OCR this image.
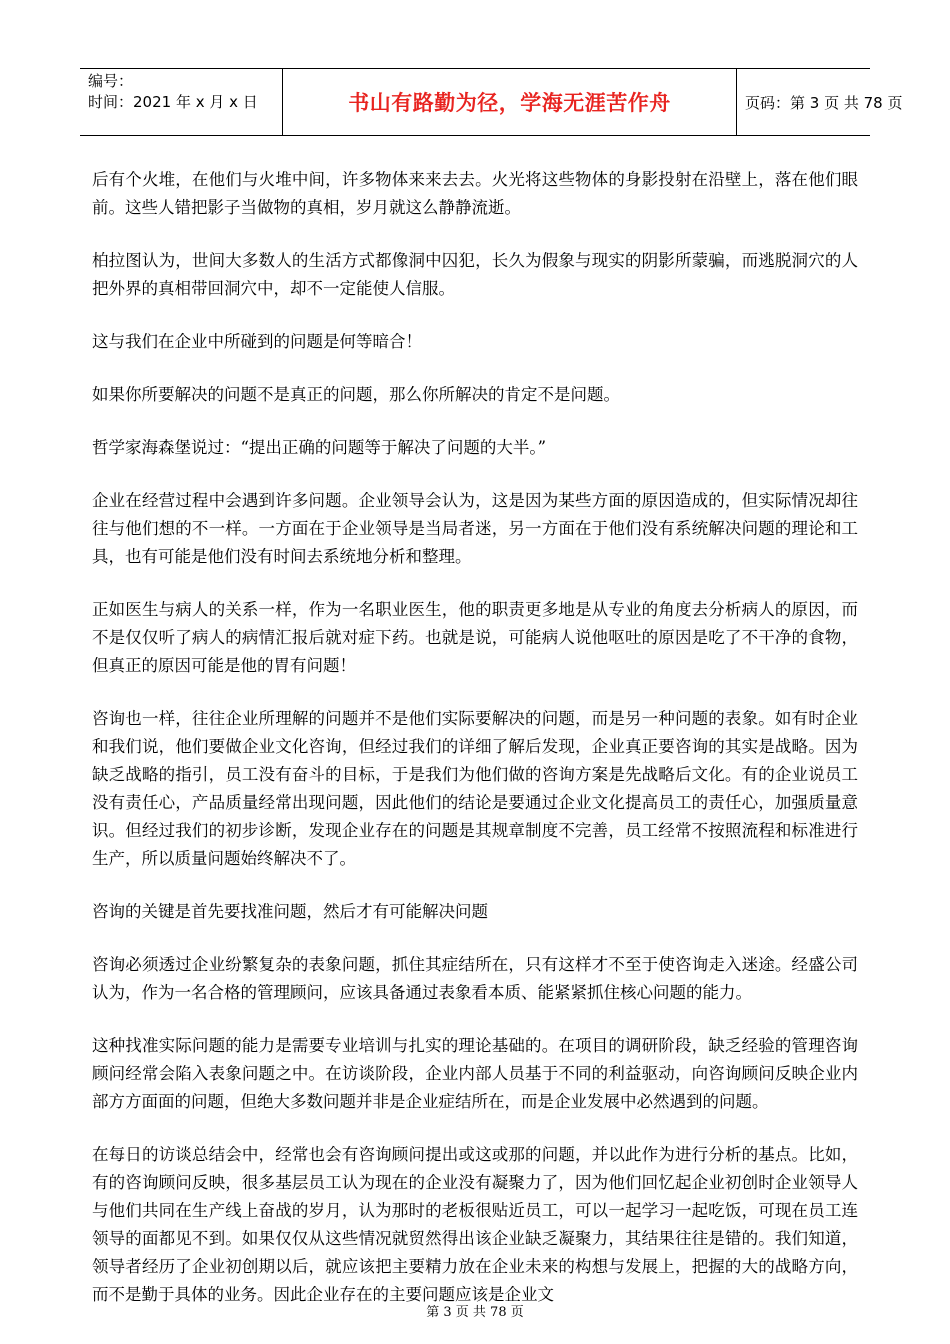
编号：
时间：2021 年 x 月 x 日	书山有路勤为径，学海无涯苦作舟	页码：第 3 页 共 78 页

后有个火堆，在他们与火堆中间，许多物体来来去去。火光将这些物体的身影投射在沿壁上，落在他们眼前。这些人错把影子当做物的真相，岁月就这么静静流逝。

柏拉图认为，世间大多数人的生活方式都像洞中囚犯，长久为假象与现实的阴影所蒙骗，而逃脱洞穴的人把外界的真相带回洞穴中，却不一定能使人信服。

这与我们在企业中所碰到的问题是何等暗合！

如果你所要解决的问题不是真正的问题，那么你所解决的肯定不是问题。

哲学家海森堡说过：“提出正确的问题等于解决了问题的大半。”

企业在经营过程中会遇到许多问题。企业领导会认为，这是因为某些方面的原因造成的，但实际情况却往往与他们想的不一样。一方面在于企业领导是当局者迷，另一方面在于他们没有系统解决问题的理论和工具，也有可能是他们没有时间去系统地分析和整理。

正如医生与病人的关系一样，作为一名职业医生，他的职责更多地是从专业的角度去分析病人的原因，而不是仅仅听了病人的病情汇报后就对症下药。也就是说，可能病人说他呕吐的原因是吃了不干净的食物，但真正的原因可能是他的胃有问题！

咨询也一样，往往企业所理解的问题并不是他们实际要解决的问题，而是另一种问题的表象。如有时企业和我们说，他们要做企业文化咨询，但经过我们的详细了解后发现，企业真正要咨询的其实是战略。因为缺乏战略的指引，员工没有奋斗的目标，于是我们为他们做的咨询方案是先战略后文化。有的企业说员工没有责任心，产品质量经常出现问题，因此他们的结论是要通过企业文化提高员工的责任心，加强质量意识。但经过我们的初步诊断，发现企业存在的问题是其规章制度不完善，员工经常不按照流程和标准进行生产，所以质量问题始终解决不了。

咨询的关键是首先要找准问题，然后才有可能解决问题

咨询必须透过企业纷繁复杂的表象问题，抓住其症结所在，只有这样才不至于使咨询走入迷途。经盛公司认为，作为一名合格的管理顾问，应该具备通过表象看本质、能紧紧抓住核心问题的能力。

这种找准实际问题的能力是需要专业培训与扎实的理论基础的。在项目的调研阶段，缺乏经验的管理咨询顾问经常会陷入表象问题之中。在访谈阶段，企业内部人员基于不同的利益驱动，向咨询顾问反映企业内部方方面面的问题，但绝大多数问题并非是企业症结所在，而是企业发展中必然遇到的问题。

在每日的访谈总结会中，经常也会有咨询顾问提出或这或那的问题，并以此作为进行分析的基点。比如，有的咨询顾问反映，很多基层员工认为现在的企业没有凝聚力了，因为他们回忆起企业初创时企业领导人与他们共同在生产线上奋战的岁月，认为那时的老板很贴近员工，可以一起学习一起吃饭，可现在员工连领导的面都见不到。如果仅仅从这些情况就贸然得出该企业缺乏凝聚力，其结果往往是错的。我们知道，领导者经历了企业初创期以后，就应该把主要精力放在企业未来的构想与发展上，把握的大的战略方向，而不是勤于具体的业务。因此企业存在的主要问题应该是企业文

第 3 页 共 78 页
